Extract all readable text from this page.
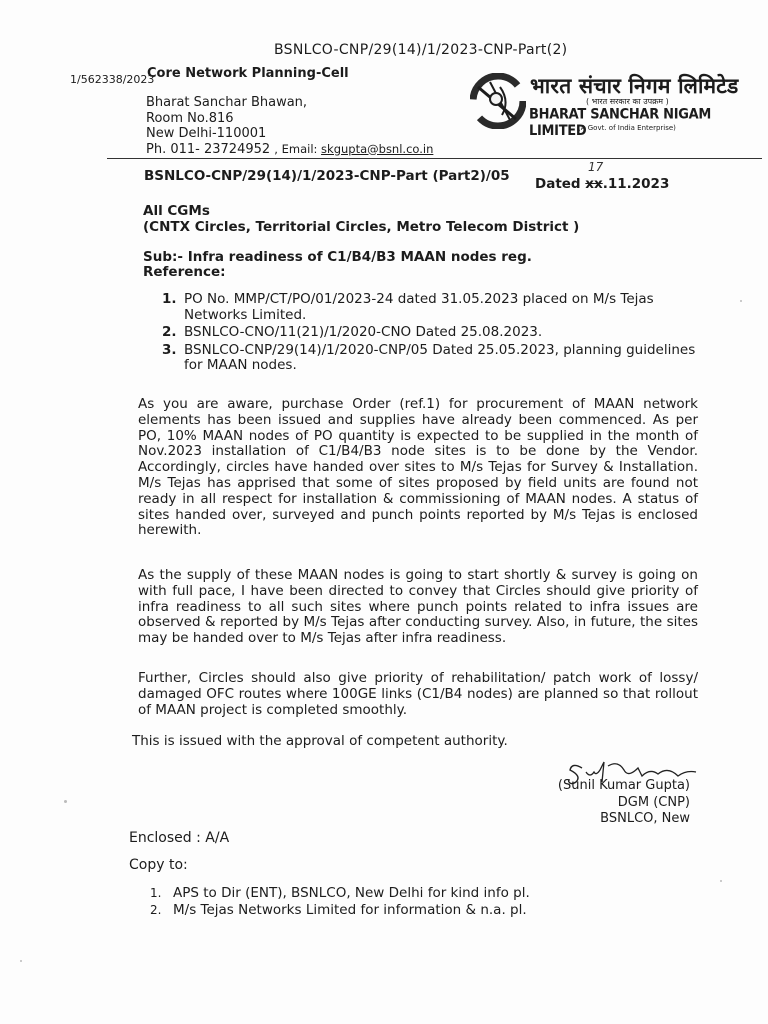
BSNLCO-CNP/29(14)/1/2023-CNP-Part(2)
1/562338/2023
Core Network Planning-Cell
Bharat Sanchar Bhawan,
Room No.816
New Delhi-110001
Ph. 011- 23724952 , Email: skgupta@bsnl.co.in
भारत संचार निगम लिमिटेड
( भारत सरकार का उपक्रम )
BHARAT SANCHAR NIGAM LIMITED
(A Govt. of India Enterprise)
BSNLCO-CNP/29(14)/1/2023-CNP-Part (Part2)/05
17
Dated xx.11.2023
All CGMs
(CNTX Circles, Territorial Circles, Metro Telecom District )
Sub:- Infra readiness of C1/B4/B3 MAAN nodes reg.
Reference:
1. PO No. MMP/CT/PO/01/2023-24 dated 31.05.2023 placed on M/s Tejas Networks Limited.
2. BSNLCO-CNO/11(21)/1/2020-CNO Dated 25.08.2023.
3. BSNLCO-CNP/29(14)/1/2020-CNP/05 Dated 25.05.2023, planning guidelines for MAAN nodes.
As you are aware, purchase Order (ref.1) for procurement of MAAN network elements has been issued and supplies have already been commenced. As per PO, 10% MAAN nodes of PO quantity is expected to be supplied in the month of Nov.2023 installation of C1/B4/B3 node sites is to be done by the Vendor. Accordingly, circles have handed over sites to M/s Tejas for Survey & Installation. M/s Tejas has apprised that some of sites proposed by field units are found not ready in all respect for installation & commissioning of MAAN nodes. A status of sites handed over, surveyed and punch points reported by M/s Tejas is enclosed herewith.
As the supply of these MAAN nodes is going to start shortly & survey is going on with full pace, I have been directed to convey that Circles should give priority of infra readiness to all such sites where punch points related to infra issues are observed & reported by M/s Tejas after conducting survey. Also, in future, the sites may be handed over to M/s Tejas after infra readiness.
Further, Circles should also give priority of rehabilitation/ patch work of lossy/ damaged OFC routes where 100GE links (C1/B4 nodes) are planned so that rollout of MAAN project is completed smoothly.
This is issued with the approval of competent authority.
(Sunil Kumar Gupta)
DGM (CNP)
BSNLCO, New
Enclosed : A/A
Copy to:
1. APS to Dir (ENT), BSNLCO, New Delhi for kind info pl.
2. M/s Tejas Networks Limited for information & n.a. pl.
